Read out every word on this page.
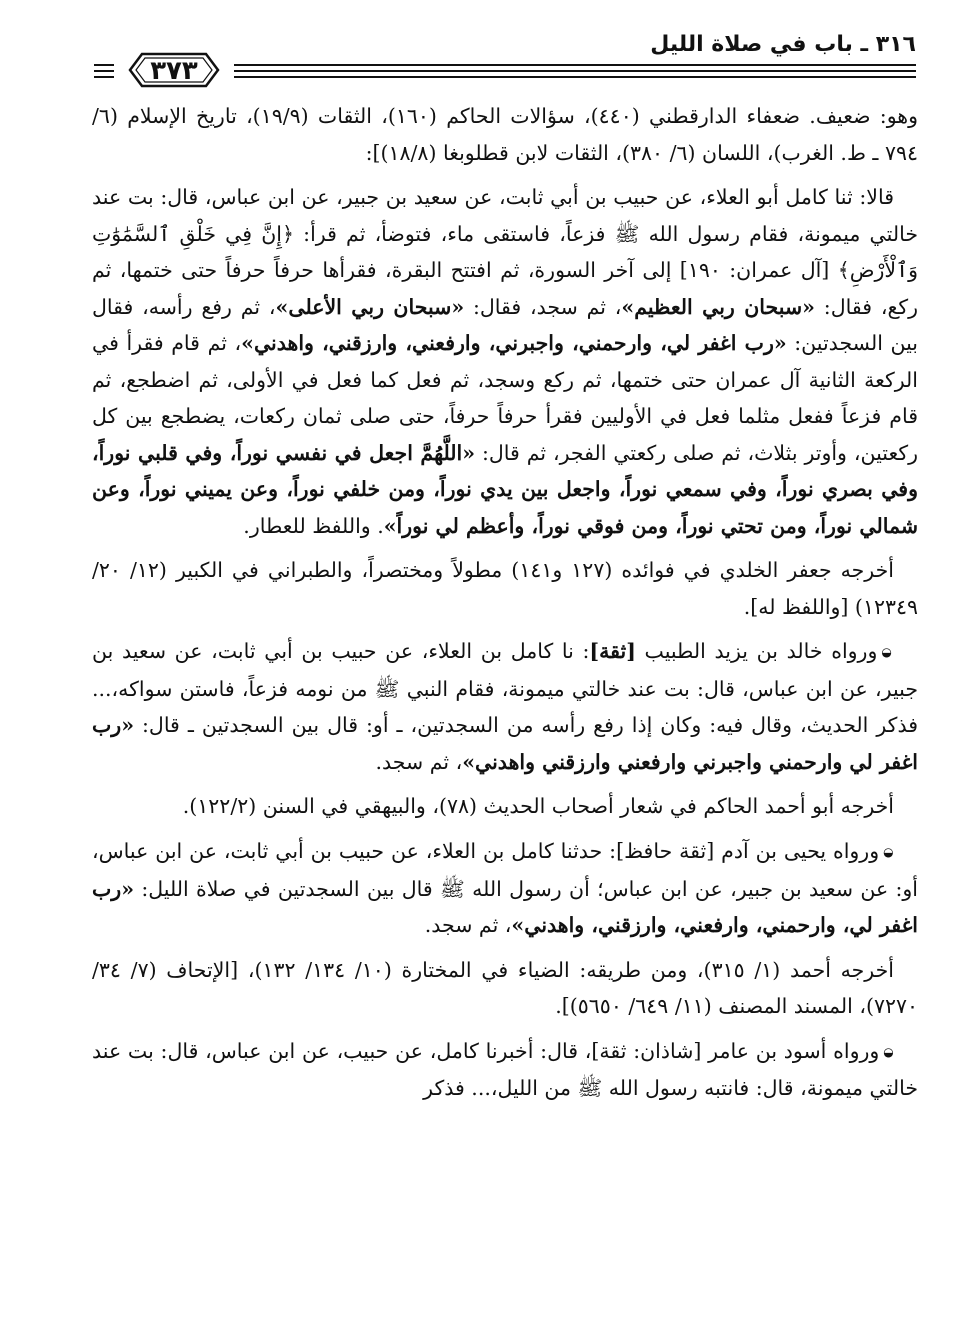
٣١٦ ـ باب في صلاة الليل
٣٧٣

وهو: ضعيف. ضعفاء الدارقطني (٤٤٠)، سؤالات الحاكم (١٦٠)، الثقات (١٩/٩)، تاريخ الإسلام (٦/ ٧٩٤ ـ ط. الغرب)، اللسان (٦/ ٣٨٠)، الثقات لابن قطلوبغا (١٨/٨)]:

قالا: ثنا كامل أبو العلاء، عن حبيب بن أبي ثابت، عن سعيد بن جبير، عن ابن عباس، قال: بت عند خالتي ميمونة، فقام رسول الله ﷺ فزعاً، فاستقى ماء، فتوضأ، ثم قرأ: ﴿إِنَّ فِي خَلْقِ ٱلسَّمَٰوَٰتِ وَٱلْأَرْضِ﴾ [آل عمران: ١٩٠] إلى آخر السورة، ثم افتتح البقرة، فقرأها حرفاً حرفاً حتى ختمها، ثم ركع، فقال: «سبحان ربي العظيم»، ثم سجد، فقال: «سبحان ربي الأعلى»، ثم رفع رأسه، فقال بين السجدتين: «رب اغفر لي، وارحمني، واجبرني، وارفعني، وارزقني، واهدني»، ثم قام فقرأ في الركعة الثانية آل عمران حتى ختمها، ثم ركع وسجد، ثم فعل كما فعل في الأولى، ثم اضطجع، ثم قام فزعاً ففعل مثلما فعل في الأوليين فقرأ حرفاً حرفاً، حتى صلى ثمان ركعات، يضطجع بين كل ركعتين، وأوتر بثلاث، ثم صلى ركعتي الفجر، ثم قال: «اللَّهُمَّ اجعل في نفسي نوراً، وفي قلبي نوراً، وفي بصري نوراً، وفي سمعي نوراً، واجعل بين يدي نوراً، ومن خلفي نوراً، وعن يميني نوراً، وعن شمالي نوراً، ومن تحتي نوراً، ومن فوقي نوراً، وأعظم لي نوراً». واللفظ للعطار.

أخرجه جعفر الخلدي في فوائده (١٢٧ و١٤١) مطولاً ومختصراً، والطبراني في الكبير (١٢/ ٢٠/ ١٢٣٤٩) [واللفظ له].

◒ورواه خالد بن يزيد الطبيب [ثقة]: نا كامل بن العلاء، عن حبيب بن أبي ثابت، عن سعيد بن جبير، عن ابن عباس، قال: بت عند خالتي ميمونة، فقام النبي ﷺ من نومه فزعاً، فاستن سواكه،... فذكر الحديث، وقال فيه: وكان إذا رفع رأسه من السجدتين، ـ أو: قال بين السجدتين ـ قال: «رب اغفر لي وارحمني واجبرني وارفعني وارزقني واهدني»، ثم سجد.

أخرجه أبو أحمد الحاكم في شعار أصحاب الحديث (٧٨)، والبيهقي في السنن (١٢٢/٢).

◒ورواه يحيى بن آدم [ثقة حافظ]: حدثنا كامل بن العلاء، عن حبيب بن أبي ثابت، عن ابن عباس، أو: عن سعيد بن جبير، عن ابن عباس؛ أن رسول الله ﷺ قال بين السجدتين في صلاة الليل: «رب اغفر لي، وارحمني، وارفعني، وارزقني، واهدني»، ثم سجد.

أخرجه أحمد (١/ ٣١٥)، ومن طريقه: الضياء في المختارة (١٠/ ١٣٤/ ١٣٢)، [الإتحاف (٧/ ٣٤/ ٧٢٧٠)، المسند المصنف (١١/ ٦٤٩/ ٥٦٥٠)].

◒ورواه أسود بن عامر [شاذان: ثقة]، قال: أخبرنا كامل، عن حبيب، عن ابن عباس، قال: بت عند خالتي ميمونة، قال: فانتبه رسول الله ﷺ من الليل،... فذكر
